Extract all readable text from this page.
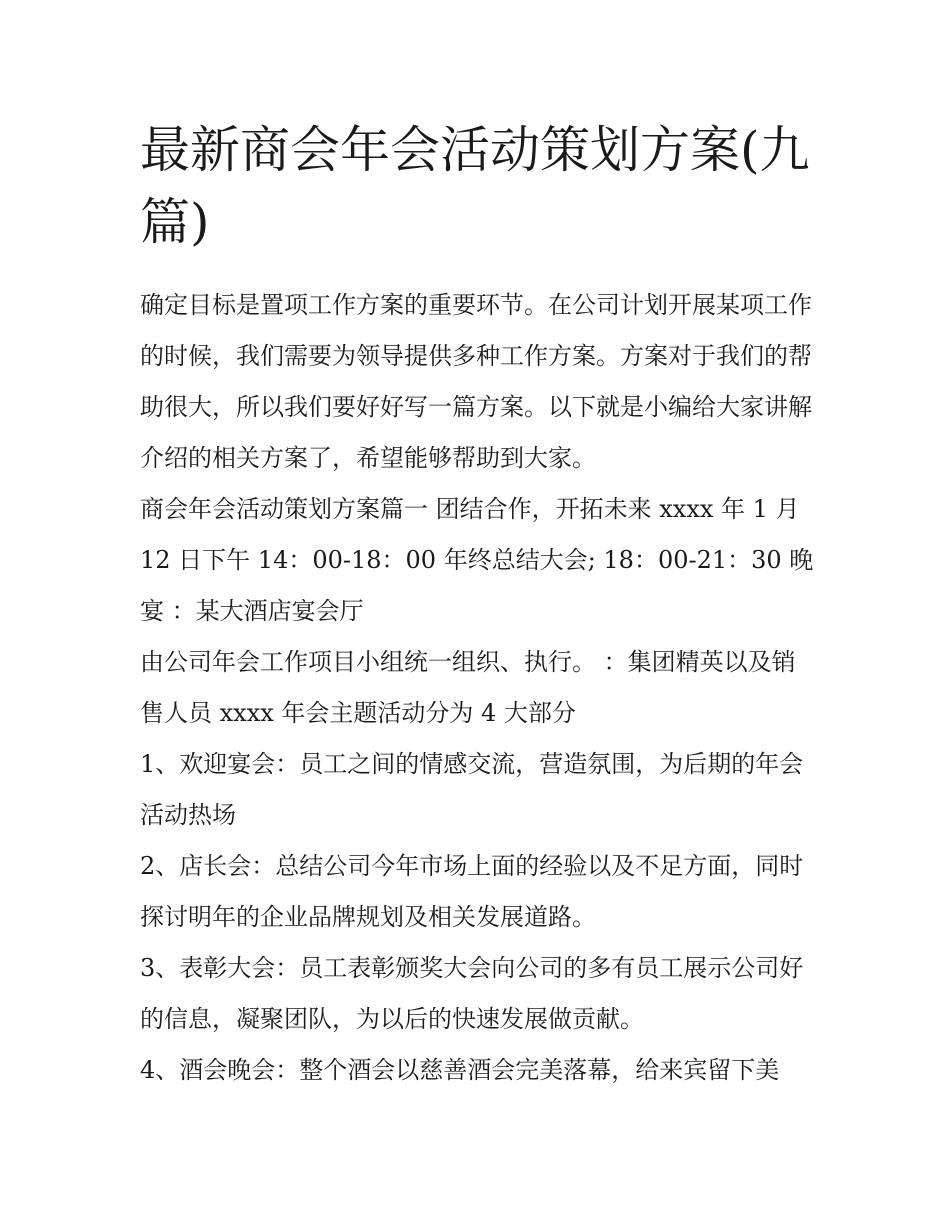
最新商会年会活动策划方案(九篇)

确定目标是置项工作方案的重要环节。在公司计划开展某项工作的时候，我们需要为领导提供多种工作方案。方案对于我们的帮助很大，所以我们要好好写一篇方案。以下就是小编给大家讲解介绍的相关方案了，希望能够帮助到大家。

商会年会活动策划方案篇一 团结合作，开拓未来 xxxx 年 1 月 12 日下午 14：00-18：00 年终总结大会; 18：00-21：30 晚宴 ：某大酒店宴会厅

由公司年会工作项目小组统一组织、执行。 ：集团精英以及销售人员 xxxx 年会主题活动分为 4 大部分

1、欢迎宴会：员工之间的情感交流，营造氛围，为后期的年会活动热场

2、店长会：总结公司今年市场上面的经验以及不足方面，同时探讨明年的企业品牌规划及相关发展道路。

3、表彰大会：员工表彰颁奖大会向公司的多有员工展示公司好的信息，凝聚团队，为以后的快速发展做贡献。

4、酒会晚会：整个酒会以慈善酒会完美落幕，给来宾留下美
